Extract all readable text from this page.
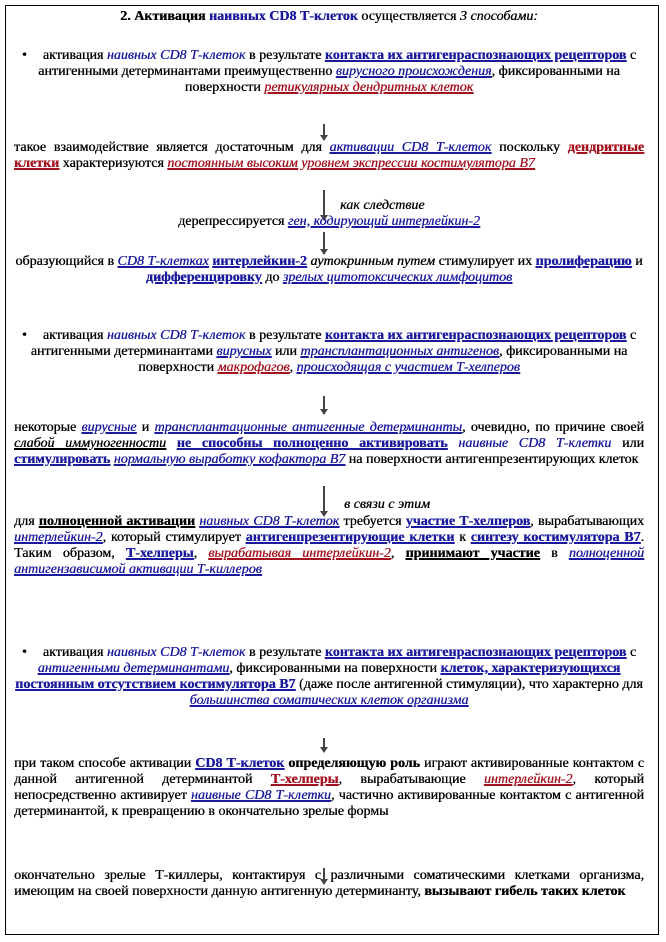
2. Активация наивных CD8 Т-клеток осуществляется 3 способами:
• активация наивных CD8 Т-клеток в результате контакта их антигенраспознающих рецепторов с антигенными детерминантами преимущественно вирусного происхождения, фиксированными на поверхности ретикулярных дендритных клеток
такое взаимодействие является достаточным для активации CD8 Т-клеток поскольку дендритные клетки характеризуются постоянным высоким уровнем экспрессии костимулятора В7
как следствие
дерепрессируется ген, кодирующий интерлейкин-2
образующийся в CD8 Т-клетках интерлейкин-2 аутокринным путем стимулирует их пролиферацию и дифференцировку до зрелых цитотоксических лимфоцитов
• активация наивных CD8 Т-клеток в результате контакта их антигенраспознающих рецепторов с антигенными детерминантами вирусных или трансплантационных антигенов, фиксированными на поверхности макрофагов, происходящая с участием Т-хелперов
некоторые вирусные и трансплантационные антигенные детерминанты, очевидно, по причине своей слабой иммуногенности не способны полноценно активировать наивные CD8 Т-клетки или стимулировать нормальную выработку кофактора В7 на поверхности антигенпрезентирующих клеток
в связи с этим
для полноценной активации наивных CD8 Т-клеток требуется участие Т-хелперов, вырабатывающих интерлейкин-2, который стимулирует антигенпрезентирующие клетки к синтезу костимулятора В7. Таким образом, Т-хелперы, вырабатывая интерлейкин-2, принимают участие в полноценной антигензависимой активации Т-киллеров
• активация наивных CD8 Т-клеток в результате контакта их антигенраспознающих рецепторов с антигенными детерминантами, фиксированными на поверхности клеток, характеризующихся постоянным отсутствием костимулятора В7 (даже после антигенной стимуляции), что характерно для большинства соматических клеток организма
при таком способе активации CD8 Т-клеток определяющую роль играют активированные контактом с данной антигенной детерминантой Т-хелперы, вырабатывающие интерлейкин-2, который непосредственно активирует наивные CD8 Т-клетки, частично активированные контактом с антигенной детерминантой, к превращению в окончательно зрелые формы
окончательно зрелые Т-киллеры, контактируя с различными соматическими клетками организма, имеющим на своей поверхности данную антигенную детерминанту, вызывают гибель таких клеток
